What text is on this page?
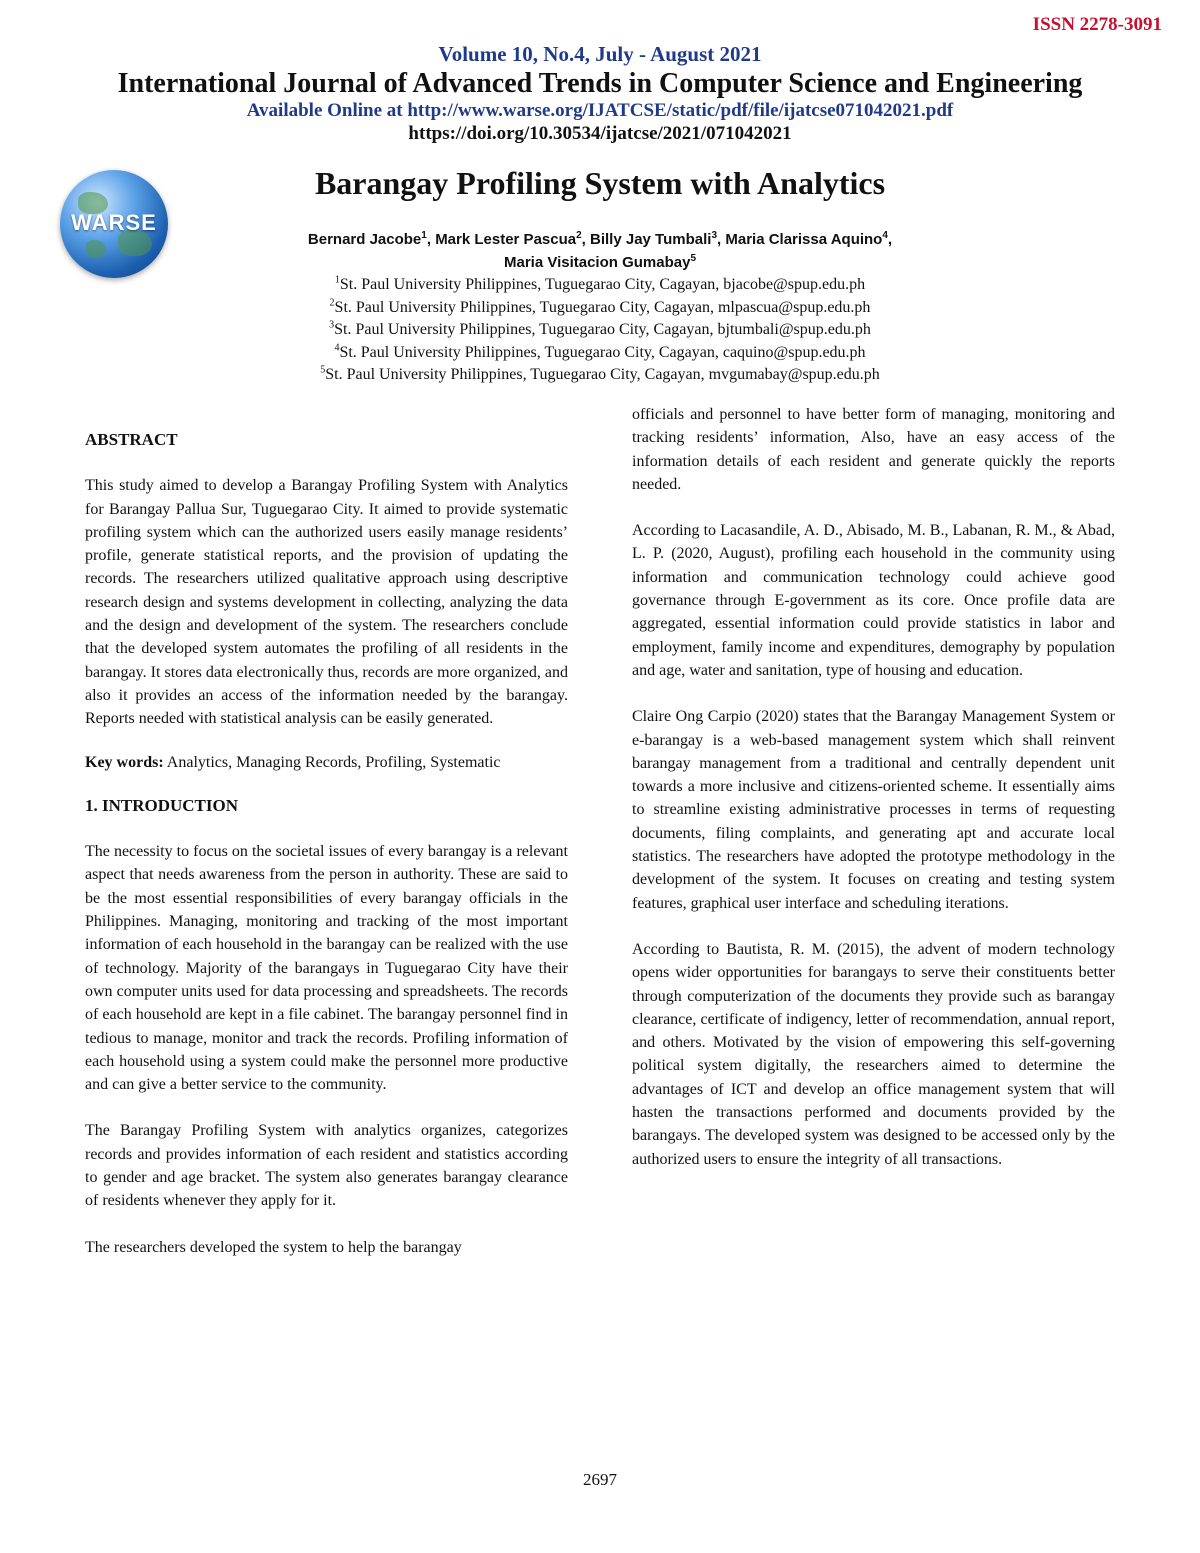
ISSN 2278-3091
Volume 10, No.4, July - August 2021
International Journal of Advanced Trends in Computer Science and Engineering
Available Online at http://www.warse.org/IJATCSE/static/pdf/file/ijatcse071042021.pdf
https://doi.org/10.30534/ijatcse/2021/071042021
WARSE
Barangay Profiling System with Analytics
Bernard Jacobe$^1$, Mark Lester Pascua$^2$, Billy Jay Tumbali$^3$, Maria Clarissa Aquino$^4$,
Maria Visitacion Gumabay$^5$
$^1$St. Paul University Philippines, Tuguegarao City, Cagayan, bjacobe@spup.edu.ph
$^2$St. Paul University Philippines, Tuguegarao City, Cagayan, mlpascua@spup.edu.ph
$^3$St. Paul University Philippines, Tuguegarao City, Cagayan, bjtumbali@spup.edu.ph
$^4$St. Paul University Philippines, Tuguegarao City, Cagayan, caquino@spup.edu.ph
$^5$St. Paul University Philippines, Tuguegarao City, Cagayan, mvgumabay@spup.edu.ph

ABSTRACT

This study aimed to develop a Barangay Profiling System with Analytics for Barangay Pallua Sur, Tuguegarao City. It aimed to provide systematic profiling system which can the authorized users easily manage residents’ profile, generate statistical reports, and the provision of updating the records. The researchers utilized qualitative approach using descriptive research design and systems development in collecting, analyzing the data and the design and development of the system. The researchers conclude that the developed system automates the profiling of all residents in the barangay. It stores data electronically thus, records are more organized, and also it provides an access of the information needed by the barangay. Reports needed with statistical analysis can be easily generated.

Key words: Analytics, Managing Records, Profiling, Systematic

1. INTRODUCTION

The necessity to focus on the societal issues of every barangay is a relevant aspect that needs awareness from the person in authority. These are said to be the most essential responsibilities of every barangay officials in the Philippines. Managing, monitoring and tracking of the most important information of each household in the barangay can be realized with the use of technology. Majority of the barangays in Tuguegarao City have their own computer units used for data processing and spreadsheets. The records of each household are kept in a file cabinet. The barangay personnel find in tedious to manage, monitor and track the records. Profiling information of each household using a system could make the personnel more productive and can give a better service to the community.

The Barangay Profiling System with analytics organizes, categorizes records and provides information of each resident and statistics according to gender and age bracket. The system also generates barangay clearance of residents whenever they apply for it.

The researchers developed the system to help the barangay

officials and personnel to have better form of managing, monitoring and tracking residents’ information, Also, have an easy access of the information details of each resident and generate quickly the reports needed.

According to Lacasandile, A. D., Abisado, M. B., Labanan, R. M., & Abad, L. P. (2020, August), profiling each household in the community using information and communication technology could achieve good governance through E-government as its core. Once profile data are aggregated, essential information could provide statistics in labor and employment, family income and expenditures, demography by population and age, water and sanitation, type of housing and education.

Claire Ong Carpio (2020) states that the Barangay Management System or e-barangay is a web-based management system which shall reinvent barangay management from a traditional and centrally dependent unit towards a more inclusive and citizens-oriented scheme. It essentially aims to streamline existing administrative processes in terms of requesting documents, filing complaints, and generating apt and accurate local statistics. The researchers have adopted the prototype methodology in the development of the system. It focuses on creating and testing system features, graphical user interface and scheduling iterations.

According to Bautista, R. M. (2015), the advent of modern technology opens wider opportunities for barangays to serve their constituents better through computerization of the documents they provide such as barangay clearance, certificate of indigency, letter of recommendation, annual report, and others. Motivated by the vision of empowering this self-governing political system digitally, the researchers aimed to determine the advantages of ICT and develop an office management system that will hasten the transactions performed and documents provided by the barangays. The developed system was designed to be accessed only by the authorized users to ensure the integrity of all transactions.

2697
